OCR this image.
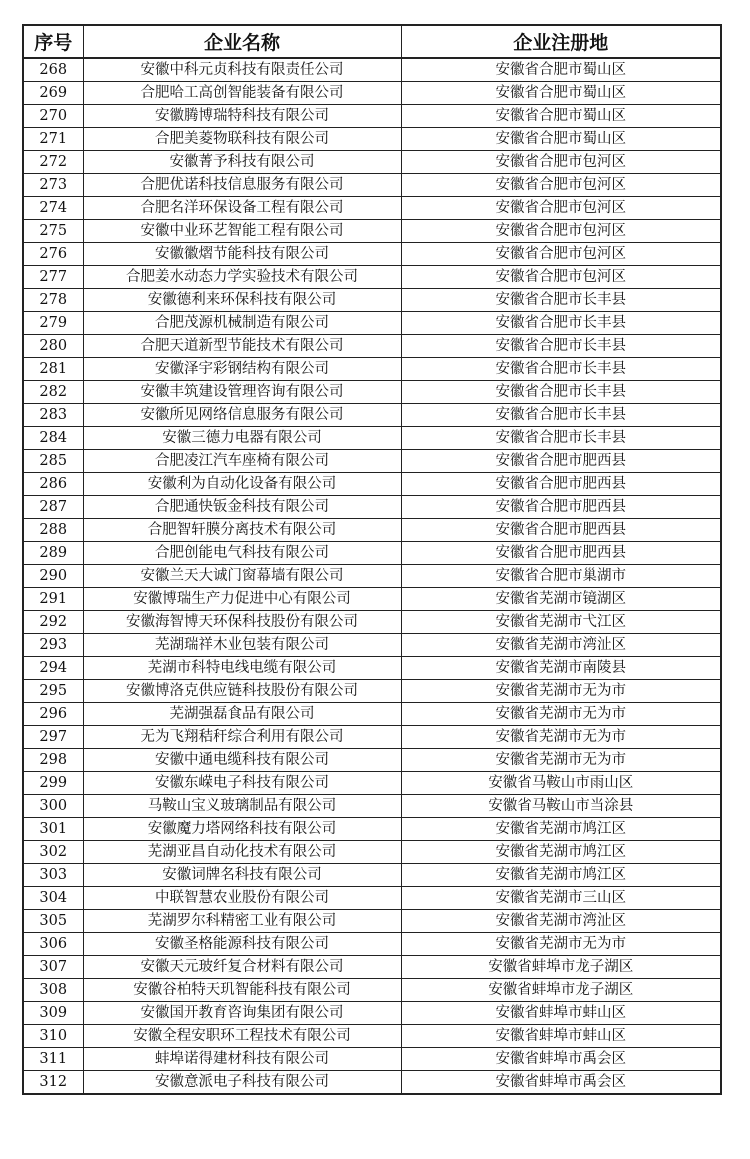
序号	企业名称	企业注册地
268	安徽中科元贞科技有限责任公司	安徽省合肥市蜀山区
269	合肥哈工高创智能装备有限公司	安徽省合肥市蜀山区
270	安徽腾博瑞特科技有限公司	安徽省合肥市蜀山区
271	合肥美菱物联科技有限公司	安徽省合肥市蜀山区
272	安徽菁予科技有限公司	安徽省合肥市包河区
273	合肥优诺科技信息服务有限公司	安徽省合肥市包河区
274	合肥名洋环保设备工程有限公司	安徽省合肥市包河区
275	安徽中业环艺智能工程有限公司	安徽省合肥市包河区
276	安徽徽熠节能科技有限公司	安徽省合肥市包河区
277	合肥姜水动态力学实验技术有限公司	安徽省合肥市包河区
278	安徽德利来环保科技有限公司	安徽省合肥市长丰县
279	合肥茂源机械制造有限公司	安徽省合肥市长丰县
280	合肥天道新型节能技术有限公司	安徽省合肥市长丰县
281	安徽泽宇彩钢结构有限公司	安徽省合肥市长丰县
282	安徽丰筑建设管理咨询有限公司	安徽省合肥市长丰县
283	安徽所见网络信息服务有限公司	安徽省合肥市长丰县
284	安徽三德力电器有限公司	安徽省合肥市长丰县
285	合肥凌江汽车座椅有限公司	安徽省合肥市肥西县
286	安徽利为自动化设备有限公司	安徽省合肥市肥西县
287	合肥通快钣金科技有限公司	安徽省合肥市肥西县
288	合肥智轩膜分离技术有限公司	安徽省合肥市肥西县
289	合肥创能电气科技有限公司	安徽省合肥市肥西县
290	安徽兰天大诚门窗幕墙有限公司	安徽省合肥市巢湖市
291	安徽博瑞生产力促进中心有限公司	安徽省芜湖市镜湖区
292	安徽海智博天环保科技股份有限公司	安徽省芜湖市弋江区
293	芜湖瑞祥木业包装有限公司	安徽省芜湖市湾沚区
294	芜湖市科特电线电缆有限公司	安徽省芜湖市南陵县
295	安徽博洛克供应链科技股份有限公司	安徽省芜湖市无为市
296	芜湖强磊食品有限公司	安徽省芜湖市无为市
297	无为飞翔秸秆综合利用有限公司	安徽省芜湖市无为市
298	安徽中通电缆科技有限公司	安徽省芜湖市无为市
299	安徽东嵘电子科技有限公司	安徽省马鞍山市雨山区
300	马鞍山宝义玻璃制品有限公司	安徽省马鞍山市当涂县
301	安徽魔力塔网络科技有限公司	安徽省芜湖市鸠江区
302	芜湖亚昌自动化技术有限公司	安徽省芜湖市鸠江区
303	安徽词牌名科技有限公司	安徽省芜湖市鸠江区
304	中联智慧农业股份有限公司	安徽省芜湖市三山区
305	芜湖罗尔科精密工业有限公司	安徽省芜湖市湾沚区
306	安徽圣格能源科技有限公司	安徽省芜湖市无为市
307	安徽天元玻纤复合材料有限公司	安徽省蚌埠市龙子湖区
308	安徽谷柏特天玑智能科技有限公司	安徽省蚌埠市龙子湖区
309	安徽国开教育咨询集团有限公司	安徽省蚌埠市蚌山区
310	安徽全程安职环工程技术有限公司	安徽省蚌埠市蚌山区
311	蚌埠诺得建材科技有限公司	安徽省蚌埠市禹会区
312	安徽意派电子科技有限公司	安徽省蚌埠市禹会区
